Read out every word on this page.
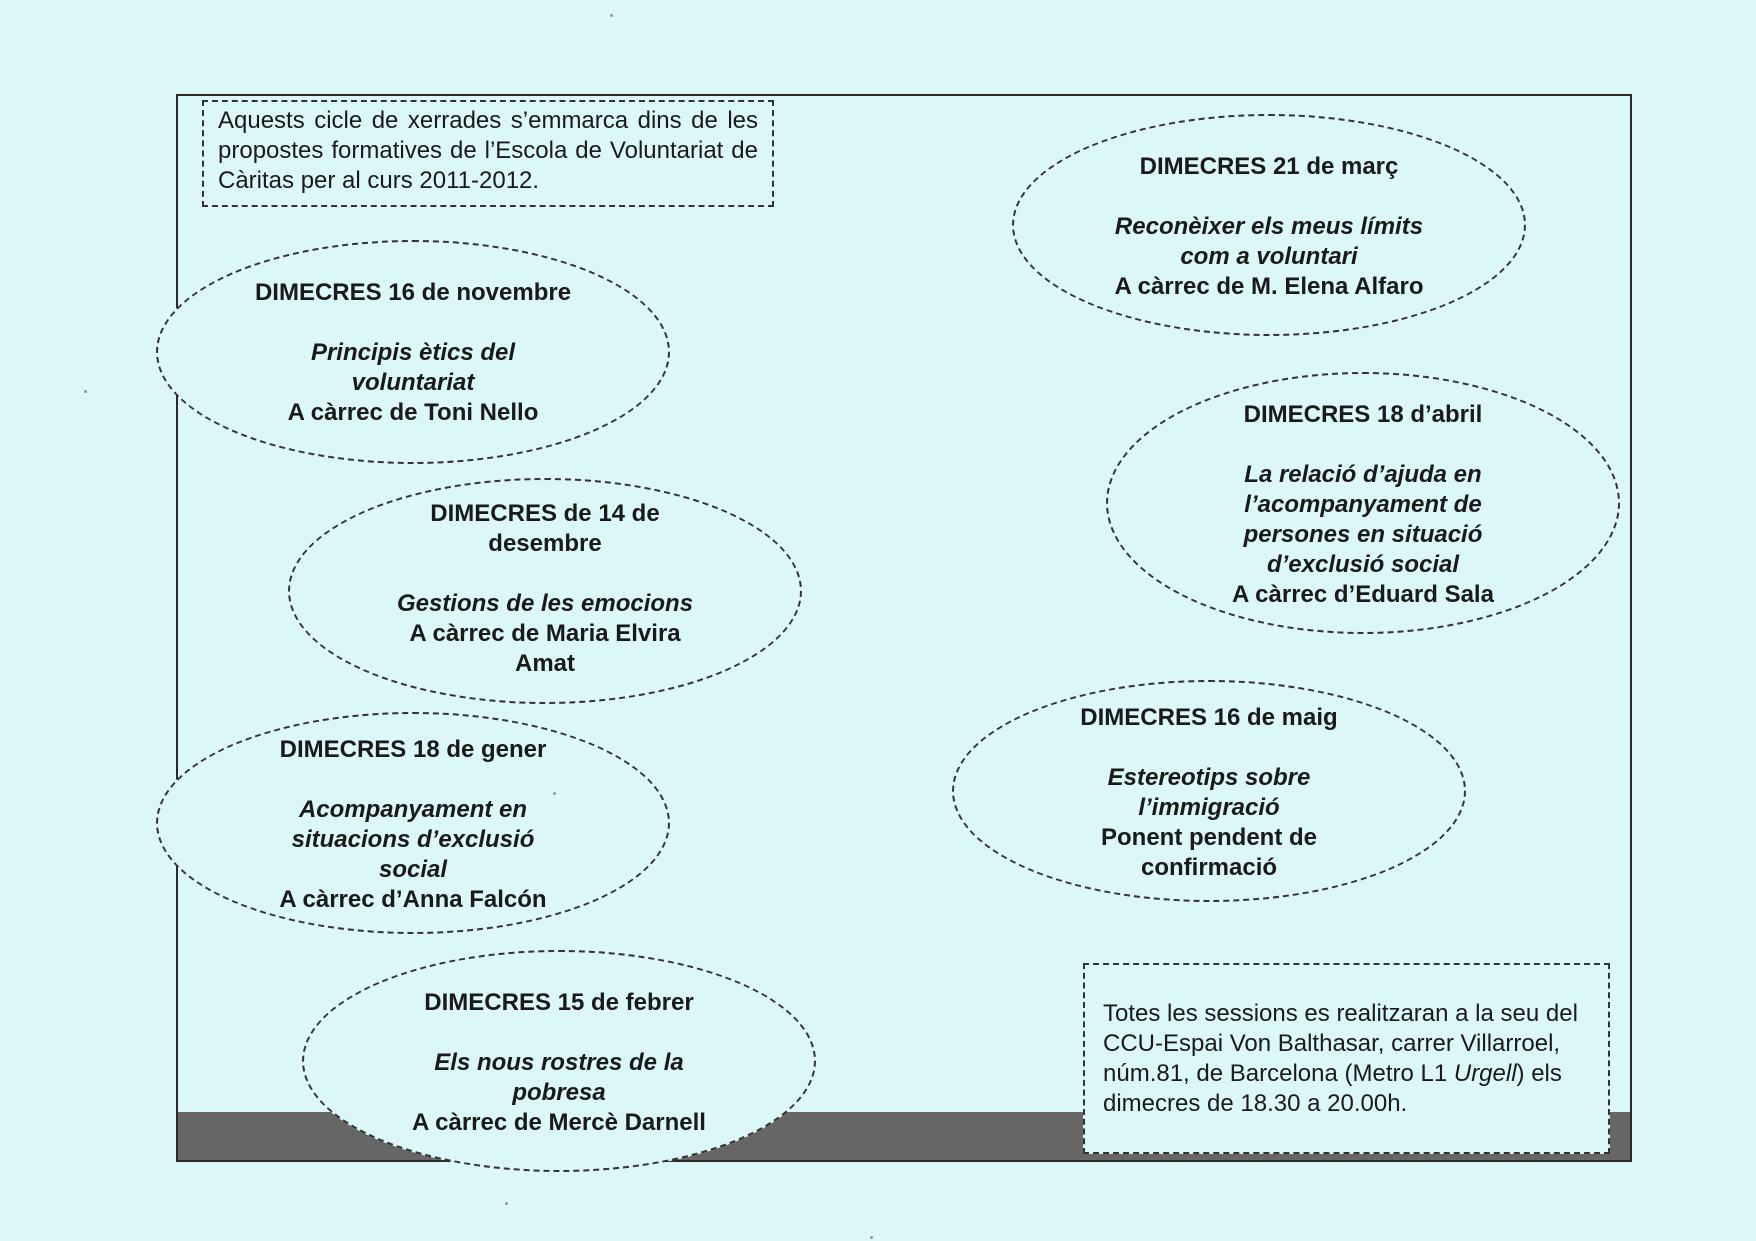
Aquests cicle de xerrades s’emmarca dins de les propostes formatives de l’Escola de Voluntariat de Càritas per al curs 2011-2012.
DIMECRES 16 de novembre
Principis ètics del
voluntariat
A càrrec de Toni Nello
DIMECRES de 14 de
desembre
Gestions de les emocions
A càrrec de Maria Elvira
Amat
DIMECRES 18 de gener
Acompanyament en
situacions d’exclusió
social
A càrrec d’Anna Falcón
DIMECRES 15 de febrer
Els nous rostres de la
pobresa
A càrrec de Mercè Darnell
DIMECRES 21 de març
Reconèixer els meus límits
com a voluntari
A càrrec de M. Elena Alfaro
DIMECRES 18 d’abril
La relació d’ajuda en
l’acompanyament de
persones en situació
d’exclusió social
A càrrec d’Eduard Sala
DIMECRES 16 de maig
Estereotips sobre
l’immigració
Ponent pendent de
confirmació
Totes les sessions es realitzaran a la seu del CCU-Espai Von Balthasar, carrer Villarroel, núm.81, de Barcelona (Metro L1 Urgell) els dimecres de 18.30 a 20.00h.
